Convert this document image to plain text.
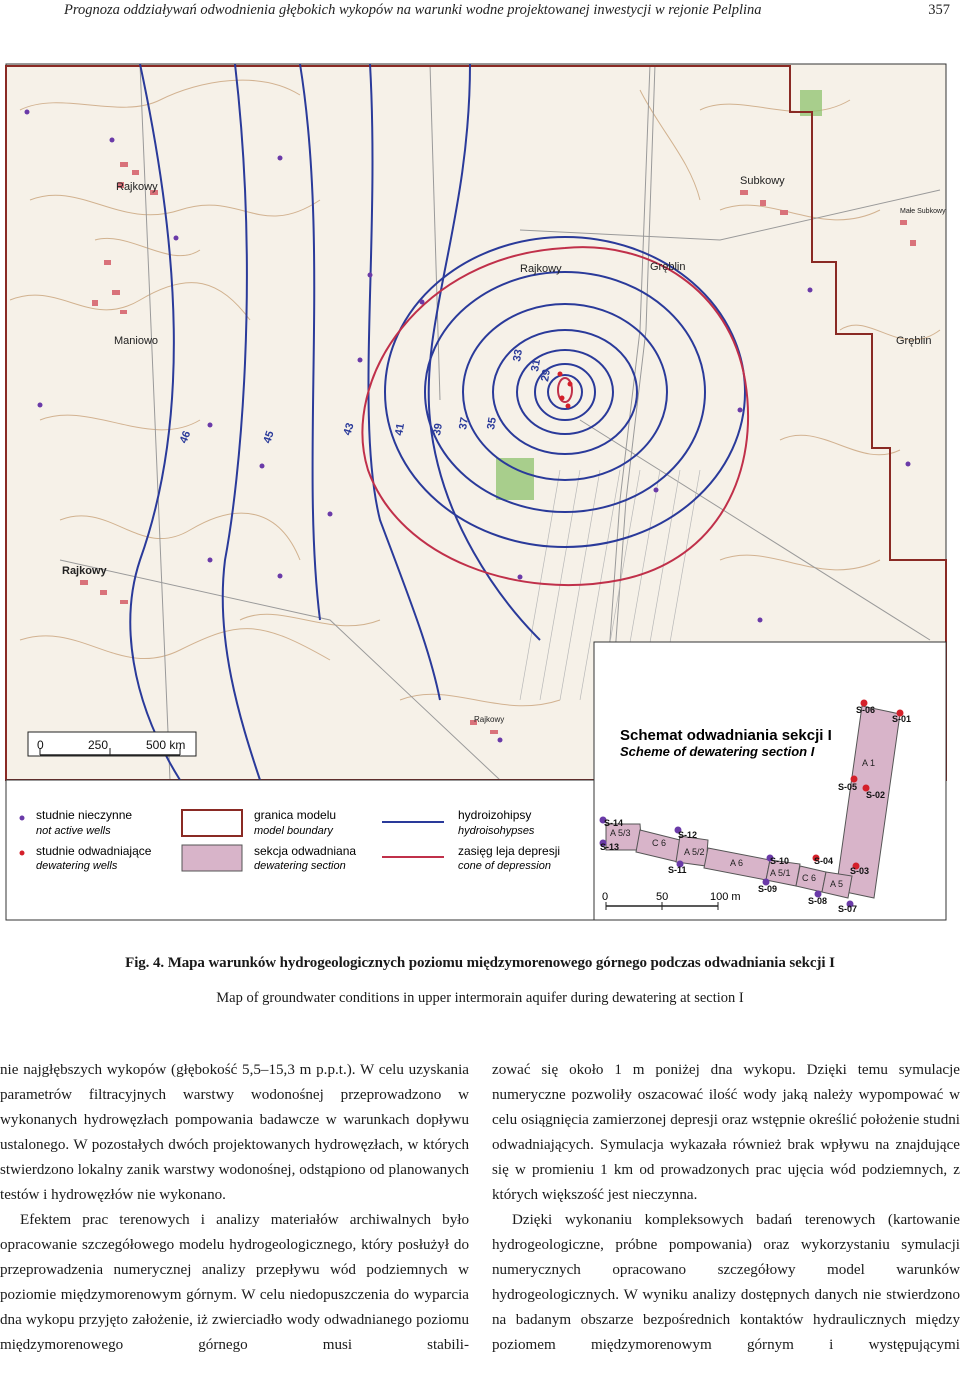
Prognoza oddziaływań odwodnienia głębokich wykopów na warunki wodne projektowanej inwestycji w rejonie Pelplina	357
45
43	41 39 37 35
33
31
29
46
Rajkowy
Maniowo
Rajkowy
Subkowy
Gręblin
Gręblin
Rajkowy
Rajkowy
Małe Subkowy
0	250	500 km
studnie nieczynne
not active wells
studnie odwadniające
dewatering wells
granica modelu
model boundary
sekcja odwadniana
dewatering section
hydroizohipsy
hydroisohypses
zasięg leja depresji
cone of depression
Schemat odwadniania sekcji I
Scheme of dewatering section I
A 1
A 5/3
C 6
A 5/2
A 6
A 5/1 C 6
A 5
S-06
S-01
S-05
S-02
S-14
S-13
S-12
S-11
S-10
S-09
S-04
S-03
S-08
S-07
0	50	100 m
Fig. 4. Mapa warunków hydrogeologicznych poziomu międzymorenowego górnego podczas odwadniania sekcji I
Map of groundwater conditions in upper intermorain aquifer during dewatering at section I

nie najgłębszych wykopów (głębokość 5,5–15,3 m p.p.t.). W celu uzyskania parametrów filtracyjnych warstwy wodonośnej przeprowadzono w wykonanych hydrowęzłach pompowania badawcze w warunkach dopływu ustalonego. W pozostałych dwóch projektowanych hydrowęzłach, w których stwierdzono lokalny zanik warstwy wodonośnej, odstąpiono od planowanych testów i hydrowęzłów nie wykonano.

Efektem prac terenowych i analizy materiałów archiwalnych było opracowanie szczegółowego modelu hydrogeologicznego, który posłużył do przeprowadzenia numerycznej analizy przepływu wód podziemnych w poziomie międzymorenowym górnym. W celu niedopuszczenia do wyparcia dna wykopu przyjęto założenie, iż zwierciadło wody odwadnianego poziomu międzymorenowego górnego musi stabili-

zować się około 1 m poniżej dna wykopu. Dzięki temu symulacje numeryczne pozwoliły oszacować ilość wody jaką należy wypompować w celu osiągnięcia zamierzonej depresji oraz wstępnie określić położenie studni odwadniających. Symulacja wykazała również brak wpływu na znajdujące się w promieniu 1 km od prowadzonych prac ujęcia wód podziemnych, z których większość jest nieczynna.

Dzięki wykonaniu kompleksowych badań terenowych (kartowanie hydrogeologiczne, próbne pompowania) oraz wykorzystaniu symulacji numerycznych opracowano szczegółowy model warunków hydrogeologicznych. W wyniku analizy dostępnych danych nie stwierdzono na badanym obszarze bezpośrednich kontaktów hydraulicznych między poziomem międzymorenowym górnym i występującymi
